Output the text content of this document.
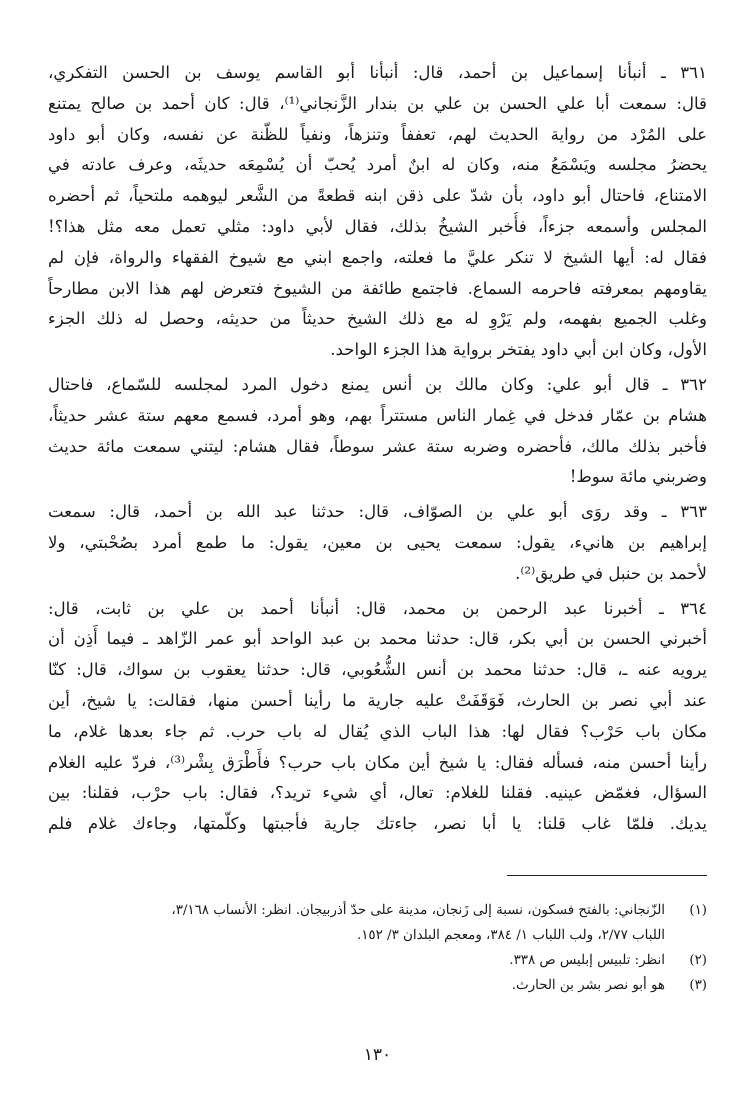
٣٦١ ـ أنبأنا إسماعيل بن أحمد، قال: أنبأنا أبو القاسم يوسف بن الحسن التفكري،
قال: سمعت أبا علي الحسن بن علي بن بندار الزَّنجاني⁽¹⁾، قال: كان أحمد بن صالح يمتنع
على المُرْد من رواية الحديث لهم، تعففاً وتنزهاً، ونفياً للظّنة عن نفسه، وكان أبو داود
يحضرُ مجلسه ويَسْمَعُ منه، وكان له ابنٌ أمرد يُحبّ أن يُسْمِعَه حديثَه، وعرف عادته في
الامتناع، فاحتال أبو داود، بأن شدّ على ذقن ابنه قطعةً من الشَّعر ليوهمه ملتحياً، ثم أحضره
المجلس وأسمعه جزءاً، فأُخبر الشيخُ بذلك، فقال لأبي داود: مثلي تعمل معه مثل هذا؟!
فقال له: أيها الشيخ لا تنكر عليَّ ما فعلته، واجمع ابني مع شيوخ الفقهاء والرواة، فإن لم
يقاومهم بمعرفته فاحرمه السماع. فاجتمع طائفة من الشيوخ فتعرض لهم هذا الابن مطارحاً
وغلب الجميع بفهمه، ولم يَرْوِ له مع ذلك الشيخ حديثاً من حديثه، وحصل له ذلك الجزء
الأول، وكان ابن أبي داود يفتخر برواية هذا الجزء الواحد.

٣٦٢ ـ قال أبو علي: وكان مالك بن أنس يمنع دخول المرد لمجلسه للسّماع، فاحتال
هشام بن عمّار فدخل في غِمار الناس مستتراً بهم، وهو أمرد، فسمع معهم ستة عشر حديثاً،
فأخبر بذلك مالك، فأحضره وضربه ستة عشر سوطاً، فقال هشام: ليتني سمعت مائة حديث
وضربني مائة سوط!

٣٦٣ ـ وقد روَى أبو علي بن الصوّاف، قال: حدثنا عبد الله بن أحمد، قال: سمعت
إبراهيم بن هانيء، يقول: سمعت يحيى بن معين، يقول: ما طمع أمرد بصُحْبتي، ولا
لأحمد بن حنبل في طريق⁽²⁾.

٣٦٤ ـ أخبرنا عبد الرحمن بن محمد، قال: أنبأنا أحمد بن علي بن ثابت، قال:
أخبرني الحسن بن أبي بكر، قال: حدثنا محمد بن عبد الواحد أبو عمر الزّاهد ـ فيما أَذِن أن
يرويه عنه ـ، قال: حدثنا محمد بن أنس الشُّعُوبي، قال: حدثنا يعقوب بن سواك، قال: كنّا
عند أبي نصر بن الحارث، فَوَقَفَتْ عليه جارية ما رأينا أحسن منها، فقالت: يا شيخ، أين
مكان باب حَرْب؟ فقال لها: هذا الباب الذي يُقال له باب حرب. ثم جاء بعدها غلام، ما
رأينا أحسن منه، فسأله فقال: يا شيخ أين مكان باب حرب؟ فأَطْرَق بِشْر⁽³⁾، فردّ عليه الغلام
السؤال، فغمّض عينيه. فقلنا للغلام: تعال، أي شيء تريد؟، فقال: باب حرْب، فقلنا: بين
يديك. فلمّا غاب قلنا: يا أبا نصر، جاءتك جارية فأجبتها وكلّمتها، وجاءك غلام فلم

(١)
الزّنجاني: بالفتح فسكون، نسبة إلى زَنجان، مدينة على حدّ أذربيجان. انظر: الأنساب ٣/١٦٨،
اللباب ٢/٧٧، ولب اللباب ١/ ٣٨٤، ومعجم البلدان ٣/ ١٥٢.
(٢)
انظر: تلبيس إبليس ص ٣٣٨.
(٣)
هو أبو نصر بشر بن الحارث.
١٣٠
